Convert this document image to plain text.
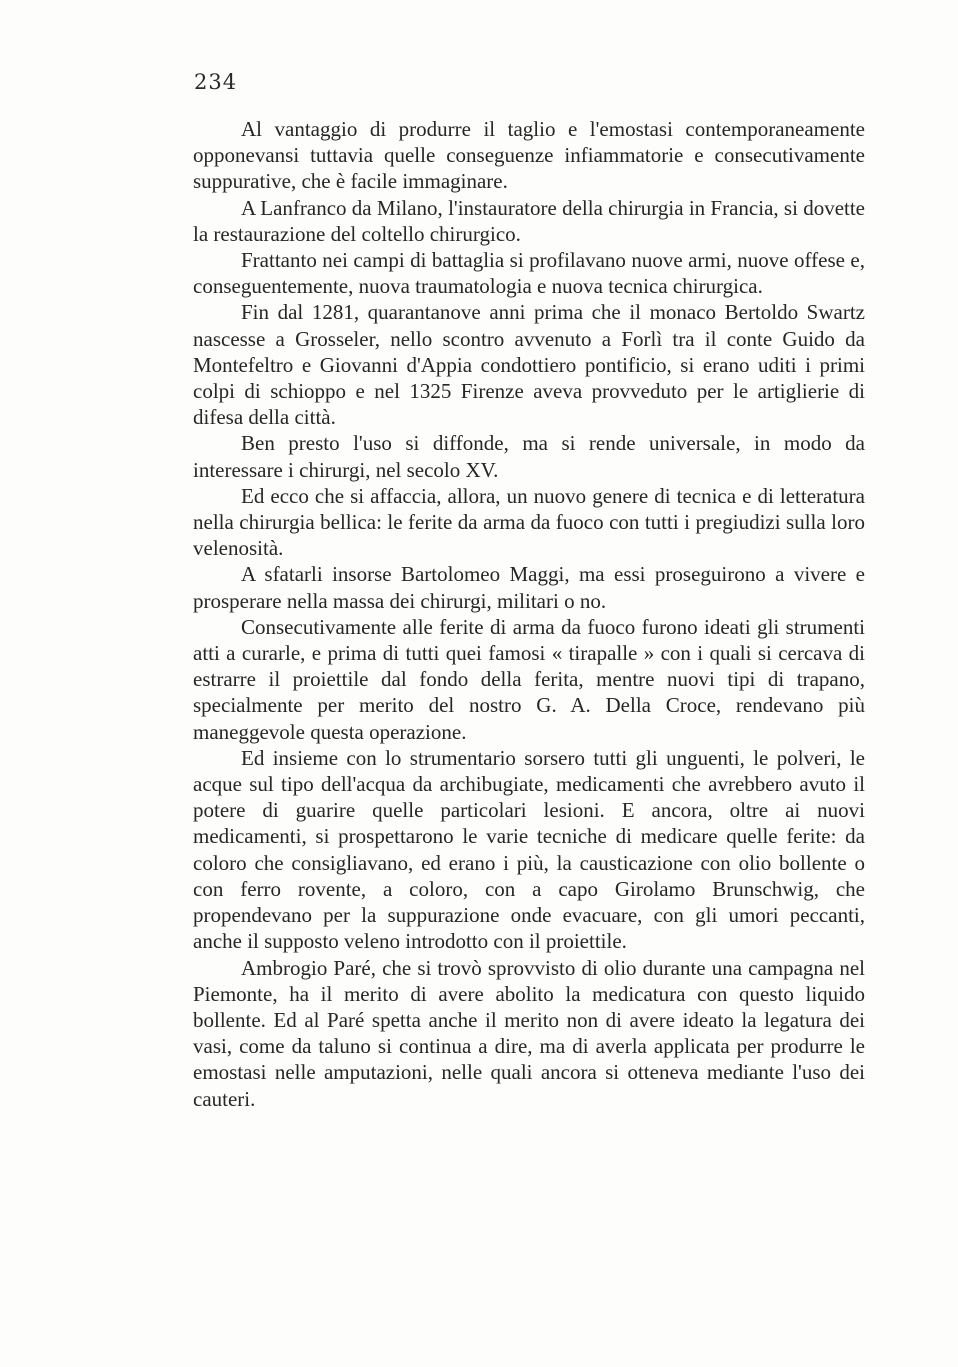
234

Al vantaggio di produrre il taglio e l'emostasi contemporaneamente opponevansi tuttavia quelle conseguenze infiammatorie e consecutivamente suppurative, che è facile immaginare.

A Lanfranco da Milano, l'instauratore della chirurgia in Francia, si dovette la restaurazione del coltello chirurgico.

Frattanto nei campi di battaglia si profilavano nuove armi, nuove offese e, conseguentemente, nuova traumatologia e nuova tecnica chirurgica.

Fin dal 1281, quarantanove anni prima che il monaco Bertoldo Swartz nascesse a Grosseler, nello scontro avvenuto a Forlì tra il conte Guido da Montefeltro e Giovanni d'Appia condottiero pontificio, si erano uditi i primi colpi di schioppo e nel 1325 Firenze aveva provveduto per le artiglierie di difesa della città.

Ben presto l'uso si diffonde, ma si rende universale, in modo da interessare i chirurgi, nel secolo XV.

Ed ecco che si affaccia, allora, un nuovo genere di tecnica e di letteratura nella chirurgia bellica: le ferite da arma da fuoco con tutti i pregiudizi sulla loro velenosità.

A sfatarli insorse Bartolomeo Maggi, ma essi proseguirono a vivere e prosperare nella massa dei chirurgi, militari o no.

Consecutivamente alle ferite di arma da fuoco furono ideati gli strumenti atti a curarle, e prima di tutti quei famosi « tirapalle » con i quali si cercava di estrarre il proiettile dal fondo della ferita, mentre nuovi tipi di trapano, specialmente per merito del nostro G. A. Della Croce, rendevano più maneggevole questa operazione.

Ed insieme con lo strumentario sorsero tutti gli unguenti, le polveri, le acque sul tipo dell'acqua da archibugiate, medicamenti che avrebbero avuto il potere di guarire quelle particolari lesioni. E ancora, oltre ai nuovi medicamenti, si prospettarono le varie tecniche di medicare quelle ferite: da coloro che consigliavano, ed erano i più, la causticazione con olio bollente o con ferro rovente, a coloro, con a capo Girolamo Brunschwig, che propendevano per la suppurazione onde evacuare, con gli umori peccanti, anche il supposto veleno introdotto con il proiettile.

Ambrogio Paré, che si trovò sprovvisto di olio durante una campagna nel Piemonte, ha il merito di avere abolito la medicatura con questo liquido bollente. Ed al Paré spetta anche il merito non di avere ideato la legatura dei vasi, come da taluno si continua a dire, ma di averla applicata per produrre le emostasi nelle amputazioni, nelle quali ancora si otteneva mediante l'uso dei cauteri.
